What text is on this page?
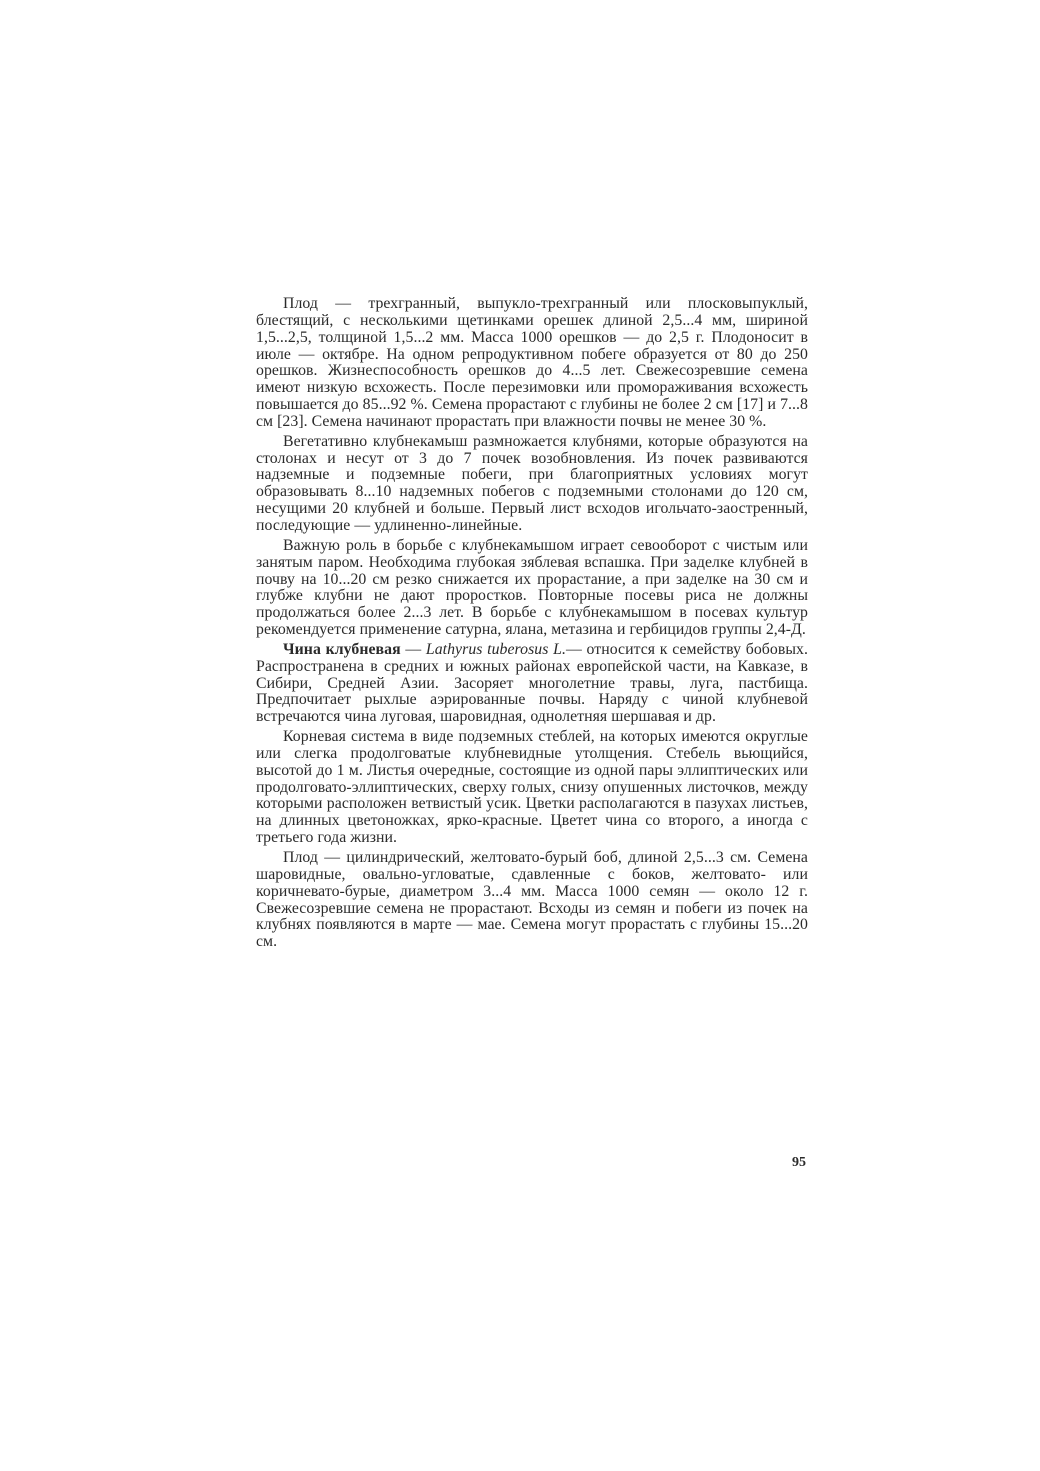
Плод — трехгранный, выпукло-трехгранный или плосковыпуклый, блестящий, с несколькими щетинками орешек длиной 2,5...4 мм, шириной 1,5...2,5, толщиной 1,5...2 мм. Масса 1000 орешков — до 2,5 г. Плодоносит в июле — октябре. На одном репродуктивном побеге образуется от 80 до 250 орешков. Жизнеспособность орешков до 4...5 лет. Свежесозревшие семена имеют низкую всхожесть. После перезимовки или промораживания всхожесть повышается до 85...92 %. Семена прорастают с глубины не более 2 см [17] и 7...8 см [23]. Семена начинают прорастать при влажности почвы не менее 30 %.

Вегетативно клубнекамыш размножается клубнями, которые образуются на столонах и несут от 3 до 7 почек возобновления. Из почек развиваются надземные и подземные побеги, при благоприятных условиях могут образовывать 8...10 надземных побегов с подземными столонами до 120 см, несущими 20 клубней и больше. Первый лист всходов игольчато-заостренный, последующие — удлиненно-линейные.

Важную роль в борьбе с клубнекамышом играет севооборот с чистым или занятым паром. Необходима глубокая зяблевая вспашка. При заделке клубней в почву на 10...20 см резко снижается их прорастание, а при заделке на 30 см и глубже клубни не дают проростков. Повторные посевы риса не должны продолжаться более 2...3 лет. В борьбе с клубнекамышом в посевах культур рекомендуется применение сатурна, ялана, метазина и гербицидов группы 2,4-Д.

Чина клубневая — Lathyrus tuberosus L.— относится к семейству бобовых. Распространена в средних и южных районах европейской части, на Кавказе, в Сибири, Средней Азии. Засоряет многолетние травы, луга, пастбища. Предпочитает рыхлые аэрированные почвы. Наряду с чиной клубневой встречаются чина луговая, шаровидная, однолетняя шершавая и др.

Корневая система в виде подземных стеблей, на которых имеются округлые или слегка продолговатые клубневидные утолщения. Стебель вьющийся, высотой до 1 м. Листья очередные, состоящие из одной пары эллиптических или продолговато-эллиптических, сверху голых, снизу опушенных листочков, между которыми расположен ветвистый усик. Цветки располагаются в пазухах листьев, на длинных цветоножках, ярко-красные. Цветет чина со второго, а иногда с третьего года жизни.

Плод — цилиндрический, желтовато-бурый боб, длиной 2,5...3 см. Семена шаровидные, овально-угловатые, сдавленные с боков, желтовато- или коричневато-бурые, диаметром 3...4 мм. Масса 1000 семян — около 12 г. Свежесозревшие семена не прорастают. Всходы из семян и побеги из почек на клубнях появляются в марте — мае. Семена могут прорастать с глубины 15...20 см.

95
